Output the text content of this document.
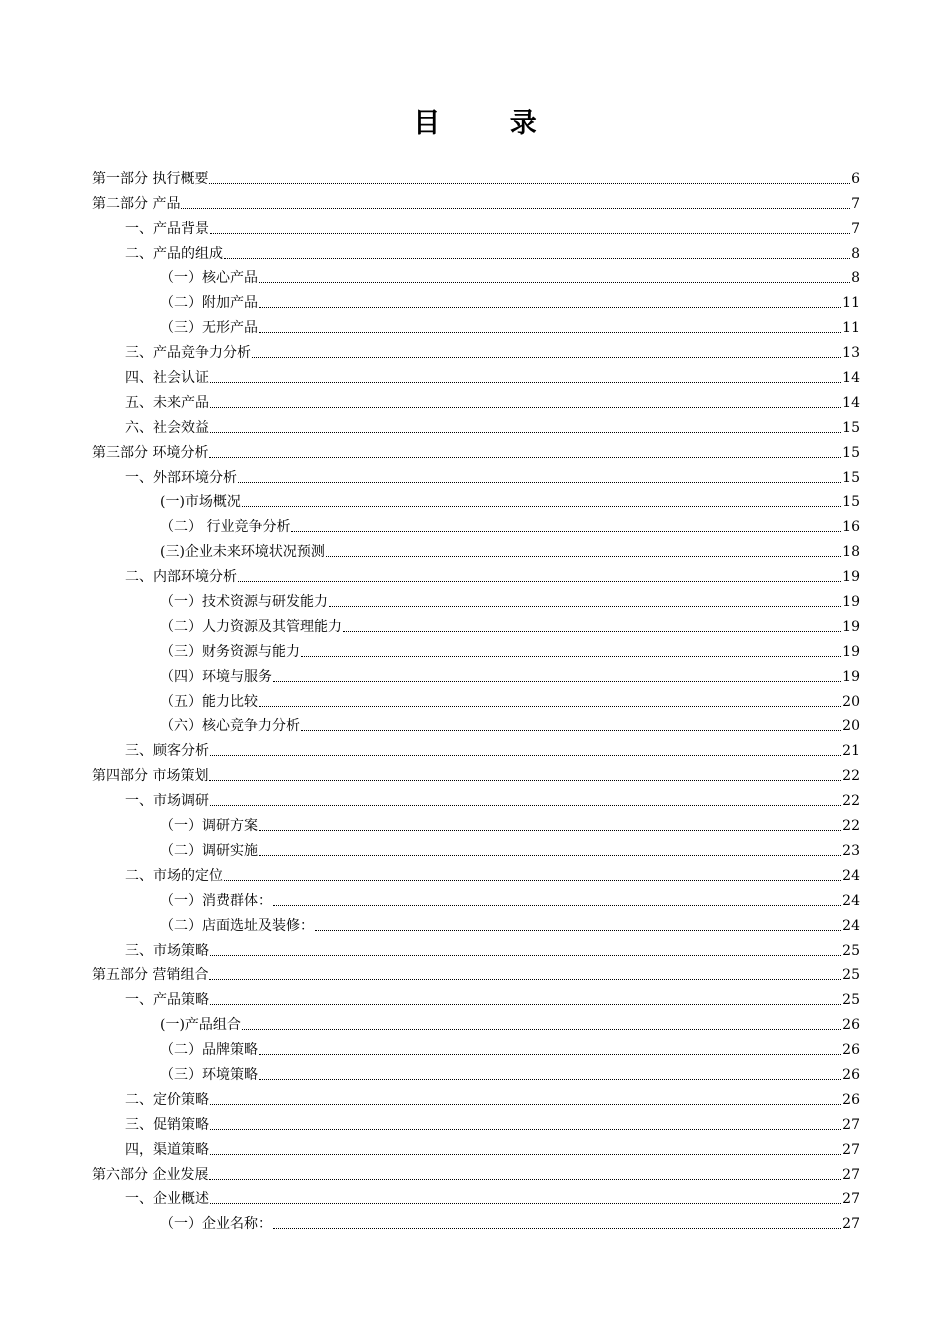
目 录
第一部分 执行概要	6
第二部分 产品	7
一、产品背景	7
二、产品的组成	8
（一）核心产品	8
（二）附加产品	11
（三）无形产品	11
三、产品竞争力分析	13
四、社会认证	14
五、未来产品	14
六、社会效益	15
第三部分 环境分析	15
一、外部环境分析	15
(一)市场概况	15
（二） 行业竞争分析	16
(三)企业未来环境状况预测	18
二、内部环境分析	19
（一）技术资源与研发能力	19
（二）人力资源及其管理能力	19
（三）财务资源与能力	19
（四）环境与服务	19
（五）能力比较	20
（六）核心竞争力分析	20
三、顾客分析	21
第四部分 市场策划	22
一、市场调研	22
（一）调研方案	22
（二）调研实施	23
二、市场的定位	24
（一）消费群体：	24
（二）店面选址及装修：	24
三、市场策略	25
第五部分 营销组合	25
一、产品策略	25
(一)产品组合	26
（二）品牌策略	26
（三）环境策略	26
二、定价策略	26
三、促销策略	27
四，渠道策略	27
第六部分 企业发展	27
一、企业概述	27
（一）企业名称：	27
